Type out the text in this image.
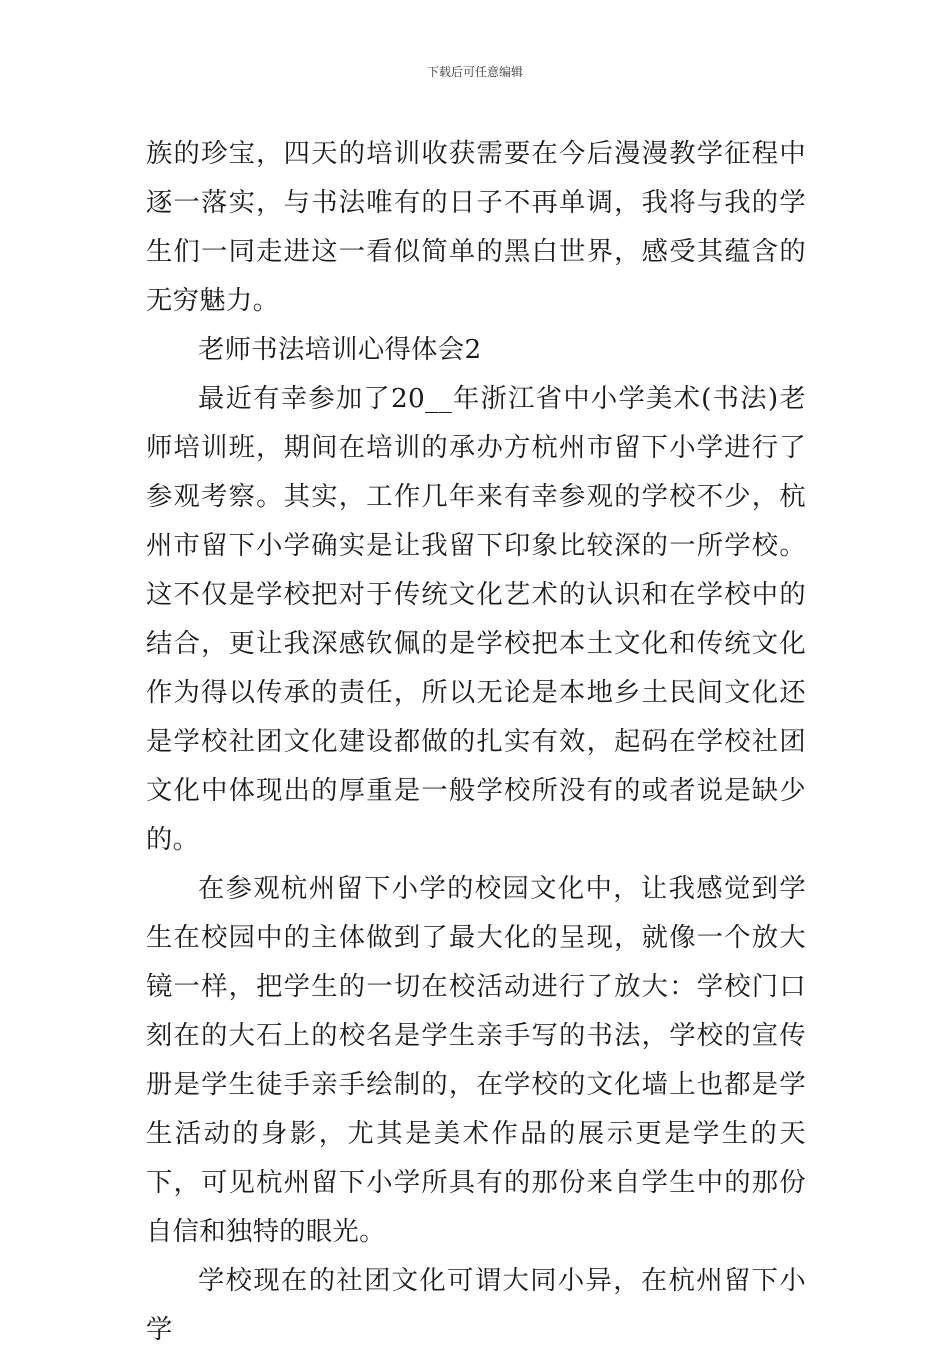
下载后可任意编辑

族的珍宝，四天的培训收获需要在今后漫漫教学征程中逐一落实，与书法唯有的日子不再单调，我将与我的学生们一同走进这一看似简单的黑白世界，感受其蕴含的无穷魅力。

老师书法培训心得体会2

最近有幸参加了20__年浙江省中小学美术(书法)老师培训班，期间在培训的承办方杭州市留下小学进行了参观考察。其实，工作几年来有幸参观的学校不少，杭州市留下小学确实是让我留下印象比较深的一所学校。这不仅是学校把对于传统文化艺术的认识和在学校中的结合，更让我深感钦佩的是学校把本土文化和传统文化作为得以传承的责任，所以无论是本地乡土民间文化还是学校社团文化建设都做的扎实有效，起码在学校社团文化中体现出的厚重是一般学校所没有的或者说是缺少的。

在参观杭州留下小学的校园文化中，让我感觉到学生在校园中的主体做到了最大化的呈现，就像一个放大镜一样，把学生的一切在校活动进行了放大：学校门口刻在的大石上的校名是学生亲手写的书法，学校的宣传册是学生徒手亲手绘制的，在学校的文化墙上也都是学生活动的身影，尤其是美术作品的展示更是学生的天下，可见杭州留下小学所具有的那份来自学生中的那份自信和独特的眼光。

学校现在的社团文化可谓大同小异，在杭州留下小学
